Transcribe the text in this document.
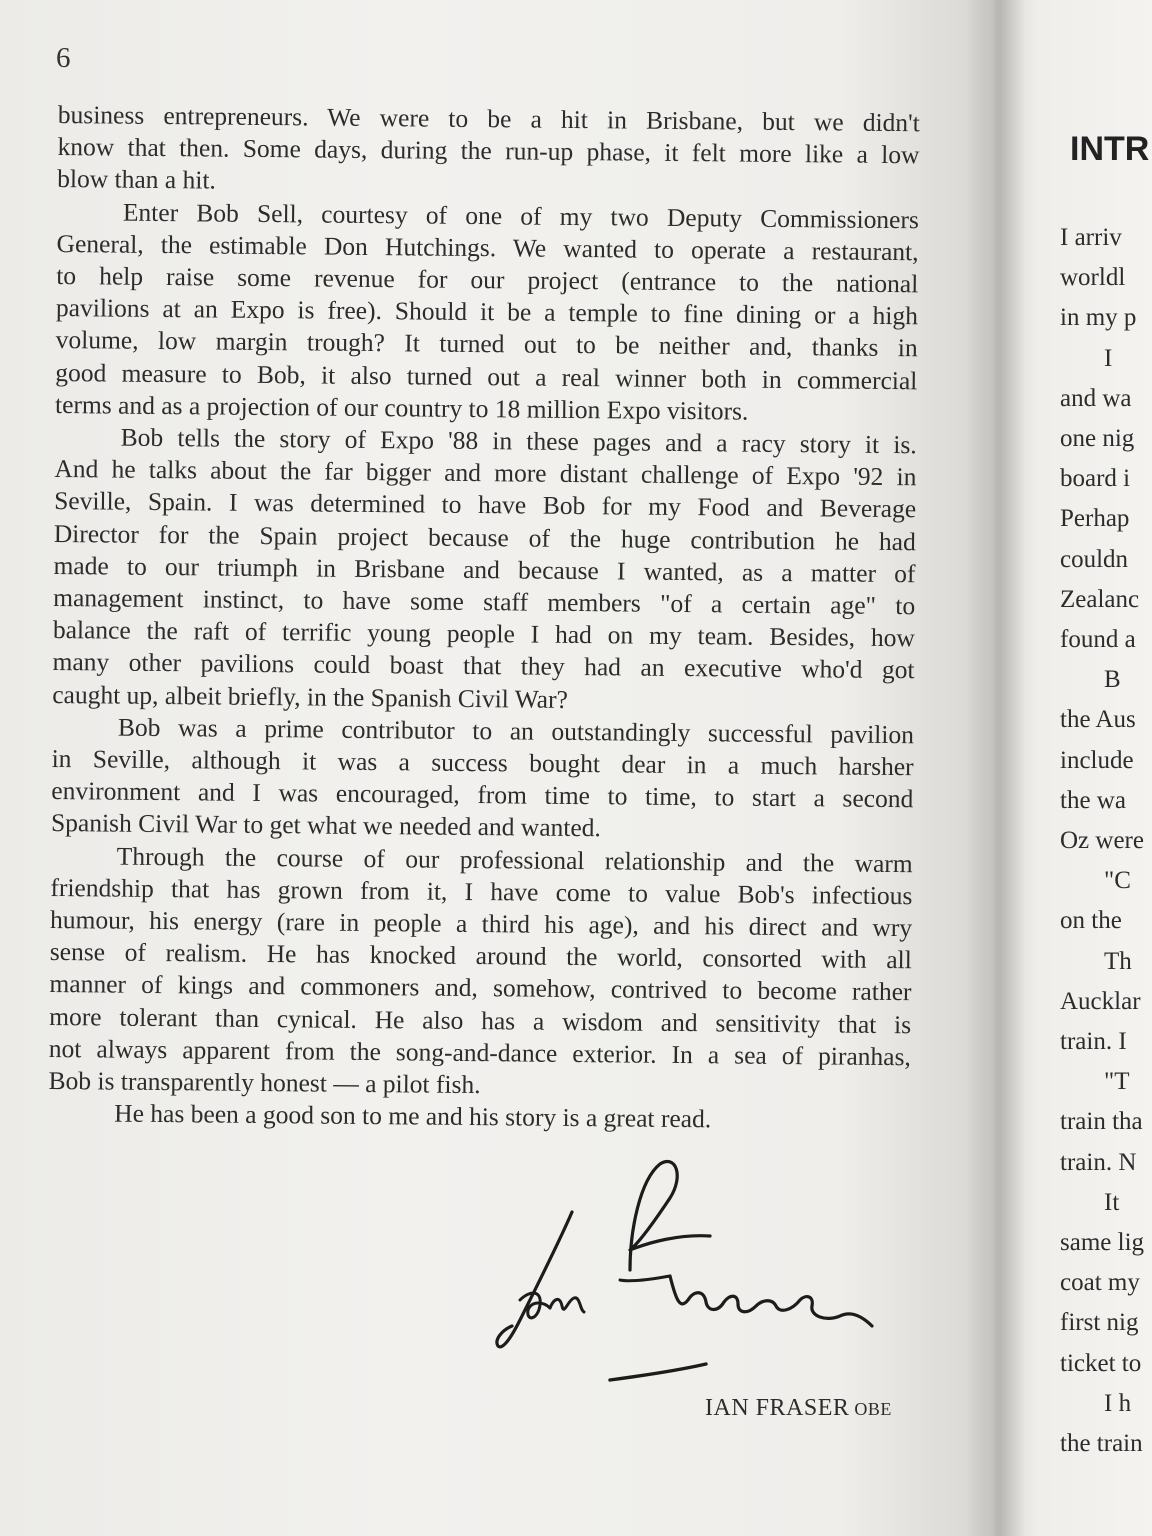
6
business entrepreneurs. We were to be a hit in Brisbane, but we didn't
know that then. Some days, during the run-up phase, it felt more like a low
blow than a hit.
Enter Bob Sell, courtesy of one of my two Deputy Commissioners
General, the estimable Don Hutchings. We wanted to operate a restaurant,
to help raise some revenue for our project (entrance to the national
pavilions at an Expo is free). Should it be a temple to fine dining or a high
volume, low margin trough? It turned out to be neither and, thanks in
good measure to Bob, it also turned out a real winner both in commercial
terms and as a projection of our country to 18 million Expo visitors.
Bob tells the story of Expo '88 in these pages and a racy story it is.
And he talks about the far bigger and more distant challenge of Expo '92 in
Seville, Spain. I was determined to have Bob for my Food and Beverage
Director for the Spain project because of the huge contribution he had
made to our triumph in Brisbane and because I wanted, as a matter of
management instinct, to have some staff members "of a certain age" to
balance the raft of terrific young people I had on my team. Besides, how
many other pavilions could boast that they had an executive who'd got
caught up, albeit briefly, in the Spanish Civil War?
Bob was a prime contributor to an outstandingly successful pavilion
in Seville, although it was a success bought dear in a much harsher
environment and I was encouraged, from time to time, to start a second
Spanish Civil War to get what we needed and wanted.
Through the course of our professional relationship and the warm
friendship that has grown from it, I have come to value Bob's infectious
humour, his energy (rare in people a third his age), and his direct and wry
sense of realism. He has knocked around the world, consorted with all
manner of kings and commoners and, somehow, contrived to become rather
more tolerant than cynical. He also has a wisdom and sensitivity that is
not always apparent from the song-and-dance exterior. In a sea of piranhas,
Bob is transparently honest — a pilot fish.
He has been a good son to me and his story is a great read.
IAN FRASER OBE
INTR
I arriv
worldl
in my p
I
and wa
one nig
board i
Perhap
couldn
Zealanc
found a
B
the Aus
include
the wa
Oz were
"C
on the
Th
Aucklar
train. I
"T
train tha
train. N
It
same lig
coat my
first nig
ticket to
I h
the train
